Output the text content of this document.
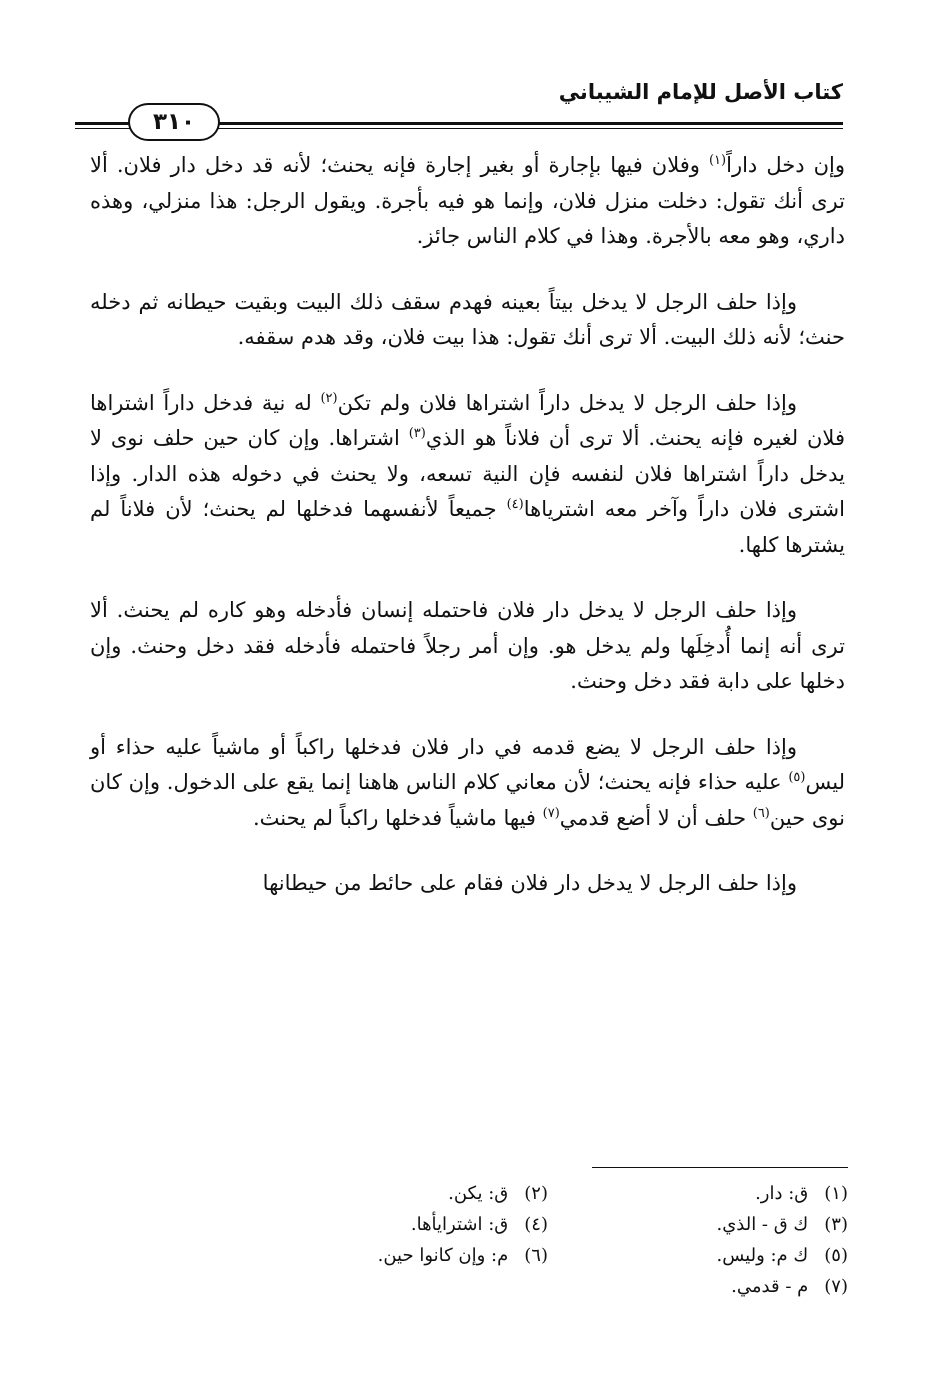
كتاب الأصل للإمام الشيباني
٣١٠

وإن دخل داراً$^{(١)}$ وفلان فيها بإجارة أو بغير إجارة فإنه يحنث؛ لأنه قد دخل دار فلان. ألا ترى أنك تقول: دخلت منزل فلان، وإنما هو فيه بأجرة. ويقول الرجل: هذا منزلي، وهذه داري، وهو معه بالأجرة. وهذا في كلام الناس جائز.

وإذا حلف الرجل لا يدخل بيتاً بعينه فهدم سقف ذلك البيت وبقيت حيطانه ثم دخله حنث؛ لأنه ذلك البيت. ألا ترى أنك تقول: هذا بيت فلان، وقد هدم سقفه.

وإذا حلف الرجل لا يدخل داراً اشتراها فلان ولم تكن$^{(٢)}$ له نية فدخل داراً اشتراها فلان لغيره فإنه يحنث. ألا ترى أن فلاناً هو الذي$^{(٣)}$ اشتراها. وإن كان حين حلف نوى لا يدخل داراً اشتراها فلان لنفسه فإن النية تسعه، ولا يحنث في دخوله هذه الدار. وإذا اشترى فلان داراً وآخر معه اشترياها$^{(٤)}$ جميعاً لأنفسهما فدخلها لم يحنث؛ لأن فلاناً لم يشترها كلها.

وإذا حلف الرجل لا يدخل دار فلان فاحتمله إنسان فأدخله وهو كاره لم يحنث. ألا ترى أنه إنما أُدخِلَها ولم يدخل هو. وإن أمر رجلاً فاحتمله فأدخله فقد دخل وحنث. وإن دخلها على دابة فقد دخل وحنث.

وإذا حلف الرجل لا يضع قدمه في دار فلان فدخلها راكباً أو ماشياً عليه حذاء أو ليس$^{(٥)}$ عليه حذاء فإنه يحنث؛ لأن معاني كلام الناس هاهنا إنما يقع على الدخول. وإن كان نوى حين$^{(٦)}$ حلف أن لا أضع قدمي$^{(٧)}$ فيها ماشياً فدخلها راكباً لم يحنث.

وإذا حلف الرجل لا يدخل دار فلان فقام على حائط من حيطانها

(١) ق: دار.
(٢) ق: يكن.
(٣) ك ق - الذي.
(٤) ق: اشترايأها.
(٥) ك م: وليس.
(٦) م: وإن كانوا حين.
(٧) م - قدمي.
